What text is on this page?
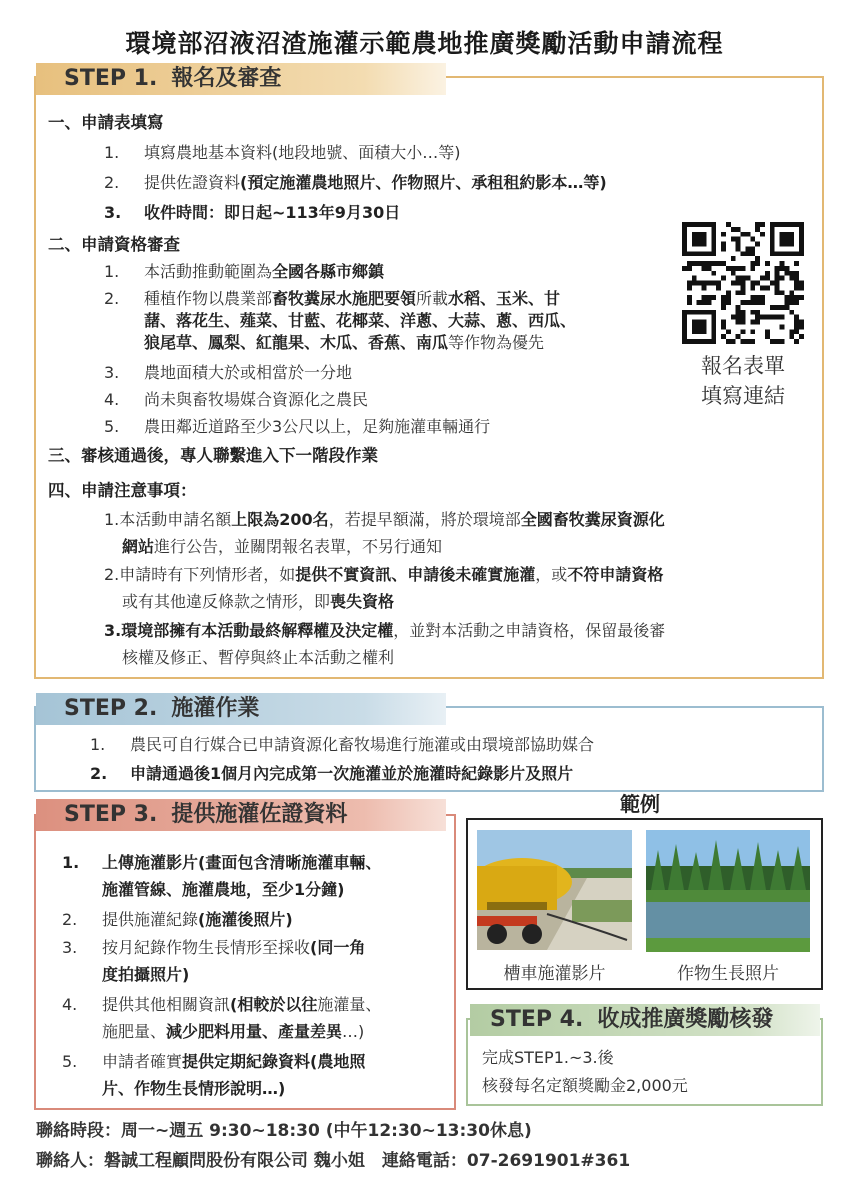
環境部沼液沼渣施灌示範農地推廣獎勵活動申請流程
STEP 1. 報名及審查
一、申請表填寫
1. 填寫農地基本資料(地段地號、面積大小…等)
2. 提供佐證資料(預定施灌農地照片、作物照片、承租租約影本…等)
3. 收件時間：即日起~113年9月30日
二、申請資格審查
1. 本活動推動範圍為全國各縣市鄉鎮
2. 種植作物以農業部畜牧糞尿水施肥要領所載水稻、玉米、甘
藷、落花生、薤菜、甘藍、花椰菜、洋蔥、大蒜、蔥、西瓜、
狼尾草、鳳梨、紅龍果、木瓜、香蕉、南瓜等作物為優先
3. 農地面積大於或相當於一分地
4. 尚未與畜牧場媒合資源化之農民
5. 農田鄰近道路至少3公尺以上，足夠施灌車輛通行
三、審核通過後，專人聯繫進入下一階段作業
四、申請注意事項：
1.本活動申請名額上限為200名，若提早額滿，將於環境部全國畜牧糞尿資源化
網站進行公告，並關閉報名表單，不另行通知
2.申請時有下列情形者，如提供不實資訊、申請後未確實施灌，或不符申請資格
或有其他違反條款之情形，即喪失資格
3.環境部擁有本活動最終解釋權及決定權，並對本活動之申請資格，保留最後審
核權及修正、暫停與終止本活動之權利
報名表單
填寫連結
STEP 2. 施灌作業
1. 農民可自行媒合已申請資源化畜牧場進行施灌或由環境部協助媒合
2. 申請通過後1個月內完成第一次施灌並於施灌時紀錄影片及照片
STEP 3. 提供施灌佐證資料
1. 上傳施灌影片(畫面包含清晰施灌車輛、
施灌管線、施灌農地，至少1分鐘)
2. 提供施灌紀錄(施灌後照片)
3. 按月紀錄作物生長情形至採收(同一角
度拍攝照片)
4. 提供其他相關資訊(相較於以往施灌量、
施肥量、減少肥料用量、產量差異…)
5. 申請者確實提供定期紀錄資料(農地照
片、作物生長情形說明…)
範例
槽車施灌影片	作物生長照片
STEP 4. 收成推廣獎勵核發
完成STEP1.~3.後
核發每名定額獎勵金2,000元
聯絡時段：周一~週五 9:30~18:30 (中午12:30~13:30休息)
聯絡人：磐誠工程顧問股份有限公司 魏小姐　連絡電話：07-2691901#361
